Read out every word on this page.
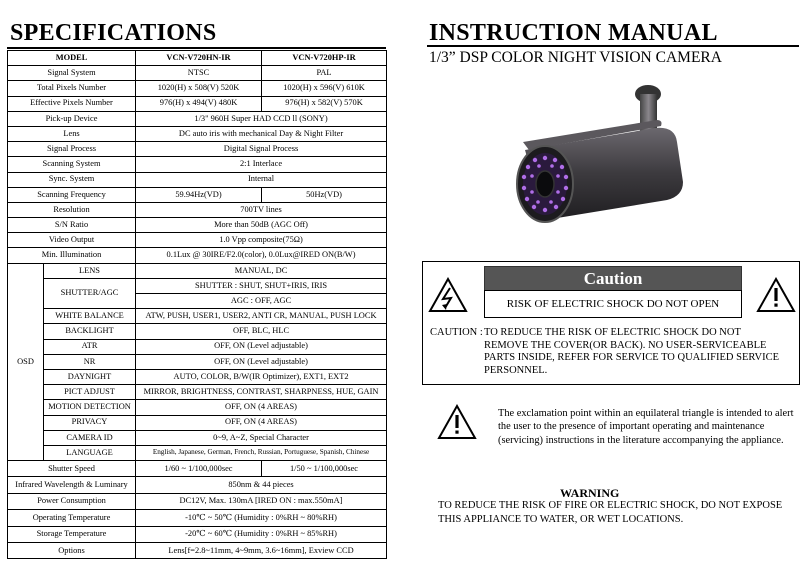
SPECIFICATIONS
MODEL		VCN-V720HN-IR	VCN-V720HP-IR
Signal System		NTSC	PAL
Total Pixels Number		1020(H) x 508(V) 520K	1020(H) x 596(V) 610K
Effective Pixels Number		976(H) x 494(V) 480K	976(H) x 582(V) 570K
Pick-up Device		1/3" 960H Super HAD CCD ll (SONY)	
Lens		DC auto iris with mechanical Day & Night Filter	
Signal Process		Digital Signal Process	
Scanning System		2:1 Interlace	
Sync. System		Internal	
Scanning Frequency		59.94Hz(VD)	50Hz(VD)
Resolution		700TV lines	
S/N Ratio		More than 50dB (AGC Off)	
Video Output		1.0 Vpp composite(75Ω)	
Min. Illumination		0.1Lux @ 30IRE/F2.0(color), 0.0Lux@IRED ON(B/W)	
OSD	LENS	MANUAL, DC	
	SHUTTER/AGC	SHUTTER : SHUT, SHUT+IRIS, IRIS	
		AGC : OFF, AGC	
	WHITE BALANCE	ATW, PUSH, USER1, USER2, ANTI CR, MANUAL, PUSH LOCK	
	BACKLIGHT	OFF, BLC, HLC	
	ATR	OFF, ON (Level adjustable)	
	NR	OFF, ON (Level adjustable)	
	DAYNIGHT	AUTO, COLOR, B/W(IR Optimizer), EXT1, EXT2	
	PICT ADJUST	MIRROR, BRIGHTNESS, CONTRAST, SHARPNESS, HUE, GAIN	
	MOTION DETECTION	OFF, ON (4 AREAS)	
	PRIVACY	OFF, ON (4 AREAS)	
	CAMERA ID	0~9, A~Z, Special Character	
	LANGUAGE	English, Japanese, German, French, Russian, Portuguese, Spanish, Chinese	
Shutter Speed		1/60 ~ 1/100,000sec	1/50 ~ 1/100,000sec
Infrared Wavelength & Luminary		850nm & 44 pieces	
Power Consumption		DC12V, Max. 130mA [IRED ON : max.550mA]	
Operating Temperature		-10℃ ~ 50℃ (Humidity : 0%RH ~ 80%RH)	
Storage Temperature		-20℃ ~ 60℃ (Humidity : 0%RH ~ 85%RH)	
Options		Lens[f=2.8~11mm, 4~9mm, 3.6~16mm], Exview CCD	
INSTRUCTION MANUAL
1/3” DSP COLOR NIGHT VISION CAMERA
Caution
RISK OF ELECTRIC SHOCK DO NOT OPEN
CAUTION : TO REDUCE THE RISK OF ELECTRIC SHOCK DO NOT REMOVE THE COVER(OR BACK). NO USER-SERVICEABLE PARTS INSIDE, REFER FOR SERVICE TO QUALIFIED SERVICE PERSONNEL.
The exclamation point within an equilateral triangle is intended to alert the user to the presence of important operating and maintenance (servicing) instructions in the literature accompanying the appliance.
WARNING
TO REDUCE THE RISK OF FIRE OR ELECTRIC SHOCK, DO NOT EXPOSE THIS APPLIANCE TO WATER, OR WET LOCATIONS.
